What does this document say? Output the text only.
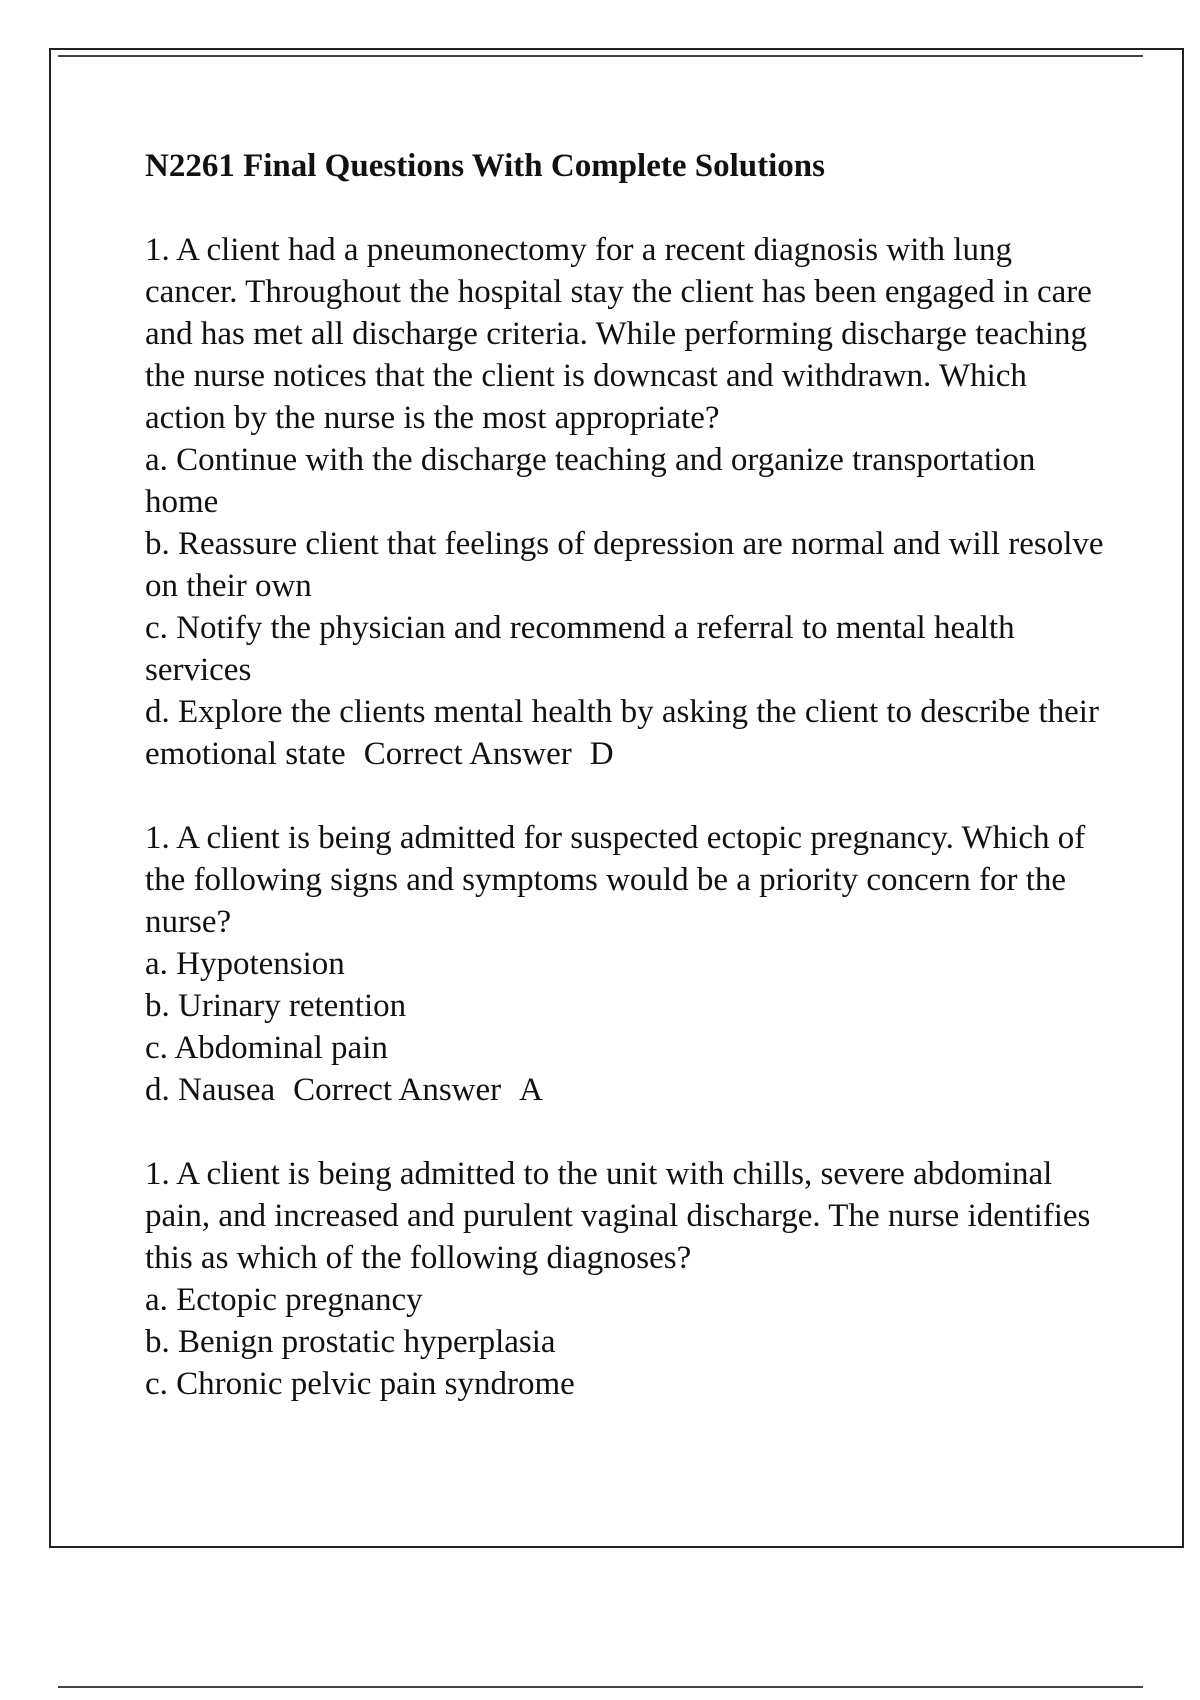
N2261 Final Questions With Complete Solutions

1. A client had a pneumonectomy for a recent diagnosis with lung cancer. Throughout the hospital stay the client has been engaged in care and has met all discharge criteria. While performing discharge teaching the nurse notices that the client is downcast and withdrawn. Which action by the nurse is the most appropriate?

a. Continue with the discharge teaching and organize transportation home

b. Reassure client that feelings of depression are normal and will resolve on their own

c. Notify the physician and recommend a referral to mental health services

d. Explore the clients mental health by asking the client to describe their emotional state Correct Answer D

1. A client is being admitted for suspected ectopic pregnancy. Which of the following signs and symptoms would be a priority concern for the nurse?

a. Hypotension

b. Urinary retention

c. Abdominal pain

d. Nausea Correct Answer A

1. A client is being admitted to the unit with chills, severe abdominal pain, and increased and purulent vaginal discharge. The nurse identifies this as which of the following diagnoses?

a. Ectopic pregnancy

b. Benign prostatic hyperplasia

c. Chronic pelvic pain syndrome
